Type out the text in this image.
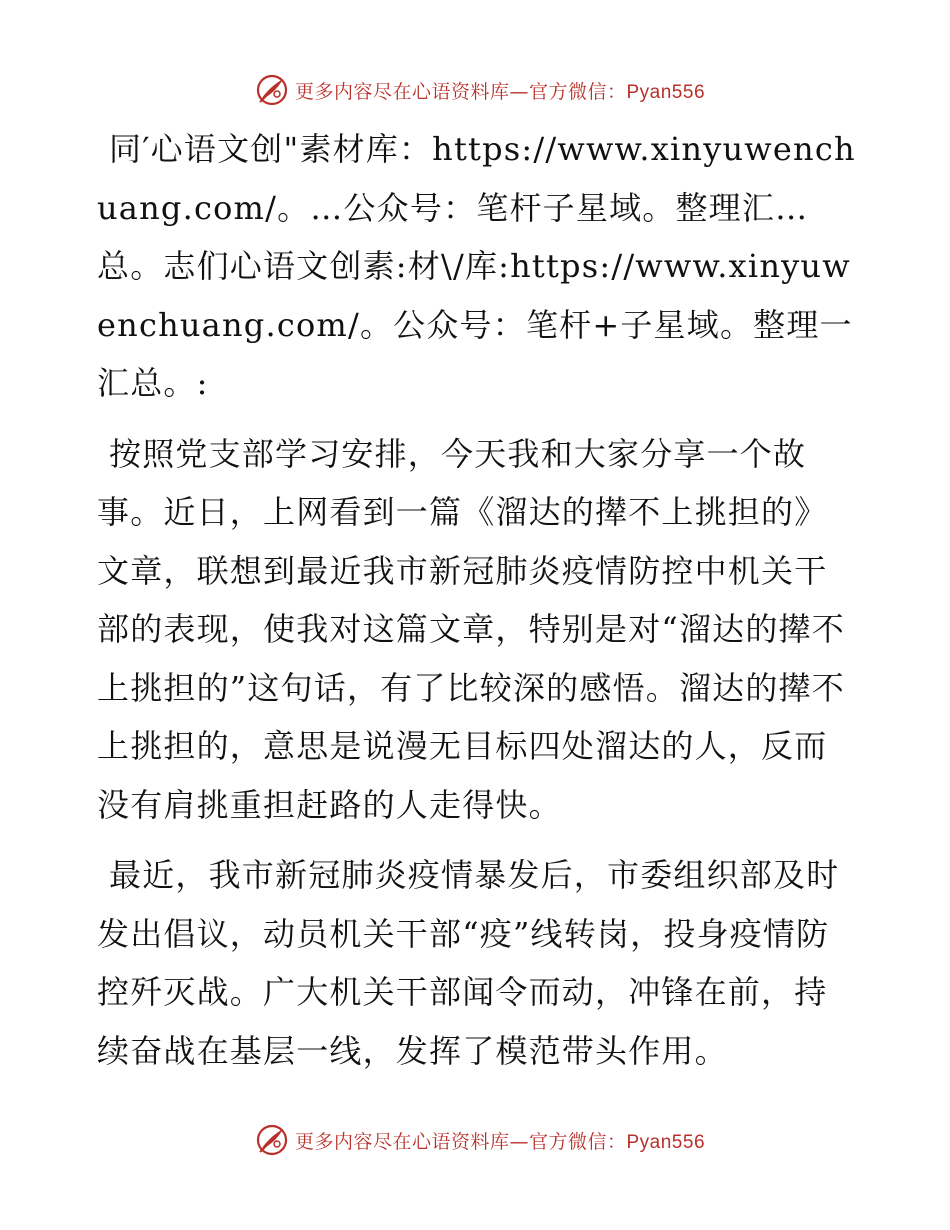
更多内容尽在心语资料库—官方微信：Pyan556

同′心语文创"素材库：https://www.xinyuwenchuang.com/。…公众号：笔杆子星域。整理汇…总。志们心语文创素:材\/库:https://www.xinyuwenchuang.com/。公众号：笔杆+子星域。整理一汇总。:

按照党支部学习安排，今天我和大家分享一个故事。近日，上网看到一篇《溜达的撵不上挑担的》文章，联想到最近我市新冠肺炎疫情防控中机关干部的表现，使我对这篇文章，特别是对“溜达的撵不上挑担的”这句话，有了比较深的感悟。溜达的撵不上挑担的，意思是说漫无目标四处溜达的人，反而没有肩挑重担赶路的人走得快。

最近，我市新冠肺炎疫情暴发后，市委组织部及时发出倡议，动员机关干部“疫”线转岗，投身疫情防控歼灭战。广大机关干部闻令而动，冲锋在前，持续奋战在基层一线，发挥了模范带头作用。

更多内容尽在心语资料库—官方微信：Pyan556
